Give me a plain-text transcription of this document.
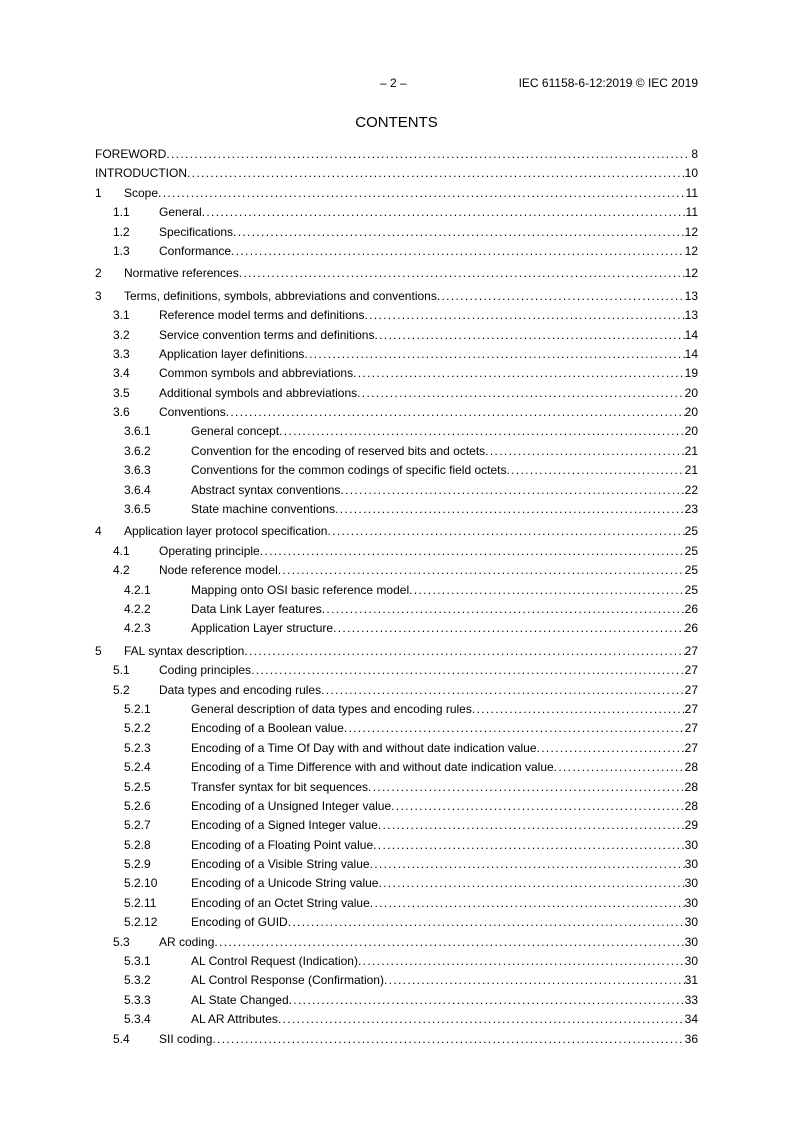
– 2 –	IEC 61158-6-12:2019 © IEC 2019
CONTENTS
FOREWORD . . .	8
INTRODUCTION . . .	10
1	Scope . . .	11
1.1	General . . .	11
1.2	Specifications . . .	12
1.3	Conformance . . .	12
2	Normative references . . .	12
3	Terms, definitions, symbols, abbreviations and conventions . . .	13
3.1	Reference model terms and definitions . . .	13
3.2	Service convention terms and definitions . . .	14
3.3	Application layer definitions . . .	14
3.4	Common symbols and abbreviations . . .	19
3.5	Additional symbols and abbreviations . . .	20
3.6	Conventions . . .	20
3.6.1	General concept . . .	20
3.6.2	Convention for the encoding of reserved bits and octets . . .	21
3.6.3	Conventions for the common codings of specific field octets . . .	21
3.6.4	Abstract syntax conventions . . .	22
3.6.5	State machine conventions . . .	23
4	Application layer protocol specification . . .	25
4.1	Operating principle . . .	25
4.2	Node reference model . . .	25
4.2.1	Mapping onto OSI basic reference model . . .	25
4.2.2	Data Link Layer features . . .	26
4.2.3	Application Layer structure . . .	26
5	FAL syntax description . . .	27
5.1	Coding principles . . .	27
5.2	Data types and encoding rules . . .	27
5.2.1	General description of data types and encoding rules . . .	27
5.2.2	Encoding of a Boolean value . . .	27
5.2.3	Encoding of a Time Of Day with and without date indication value . . .	27
5.2.4	Encoding of a Time Difference with and without date indication value . . .	28
5.2.5	Transfer syntax for bit sequences . . .	28
5.2.6	Encoding of a Unsigned Integer value . . .	28
5.2.7	Encoding of a Signed Integer value . . .	29
5.2.8	Encoding of a Floating Point value . . .	30
5.2.9	Encoding of a Visible String value . . .	30
5.2.10	Encoding of a Unicode String value . . .	30
5.2.11	Encoding of an Octet String value . . .	30
5.2.12	Encoding of GUID . . .	30
5.3	AR coding . . .	30
5.3.1	AL Control Request (Indication) . . .	30
5.3.2	AL Control Response (Confirmation) . . .	31
5.3.3	AL State Changed . . .	33
5.3.4	AL AR Attributes . . .	34
5.4	SII coding . . .	36
